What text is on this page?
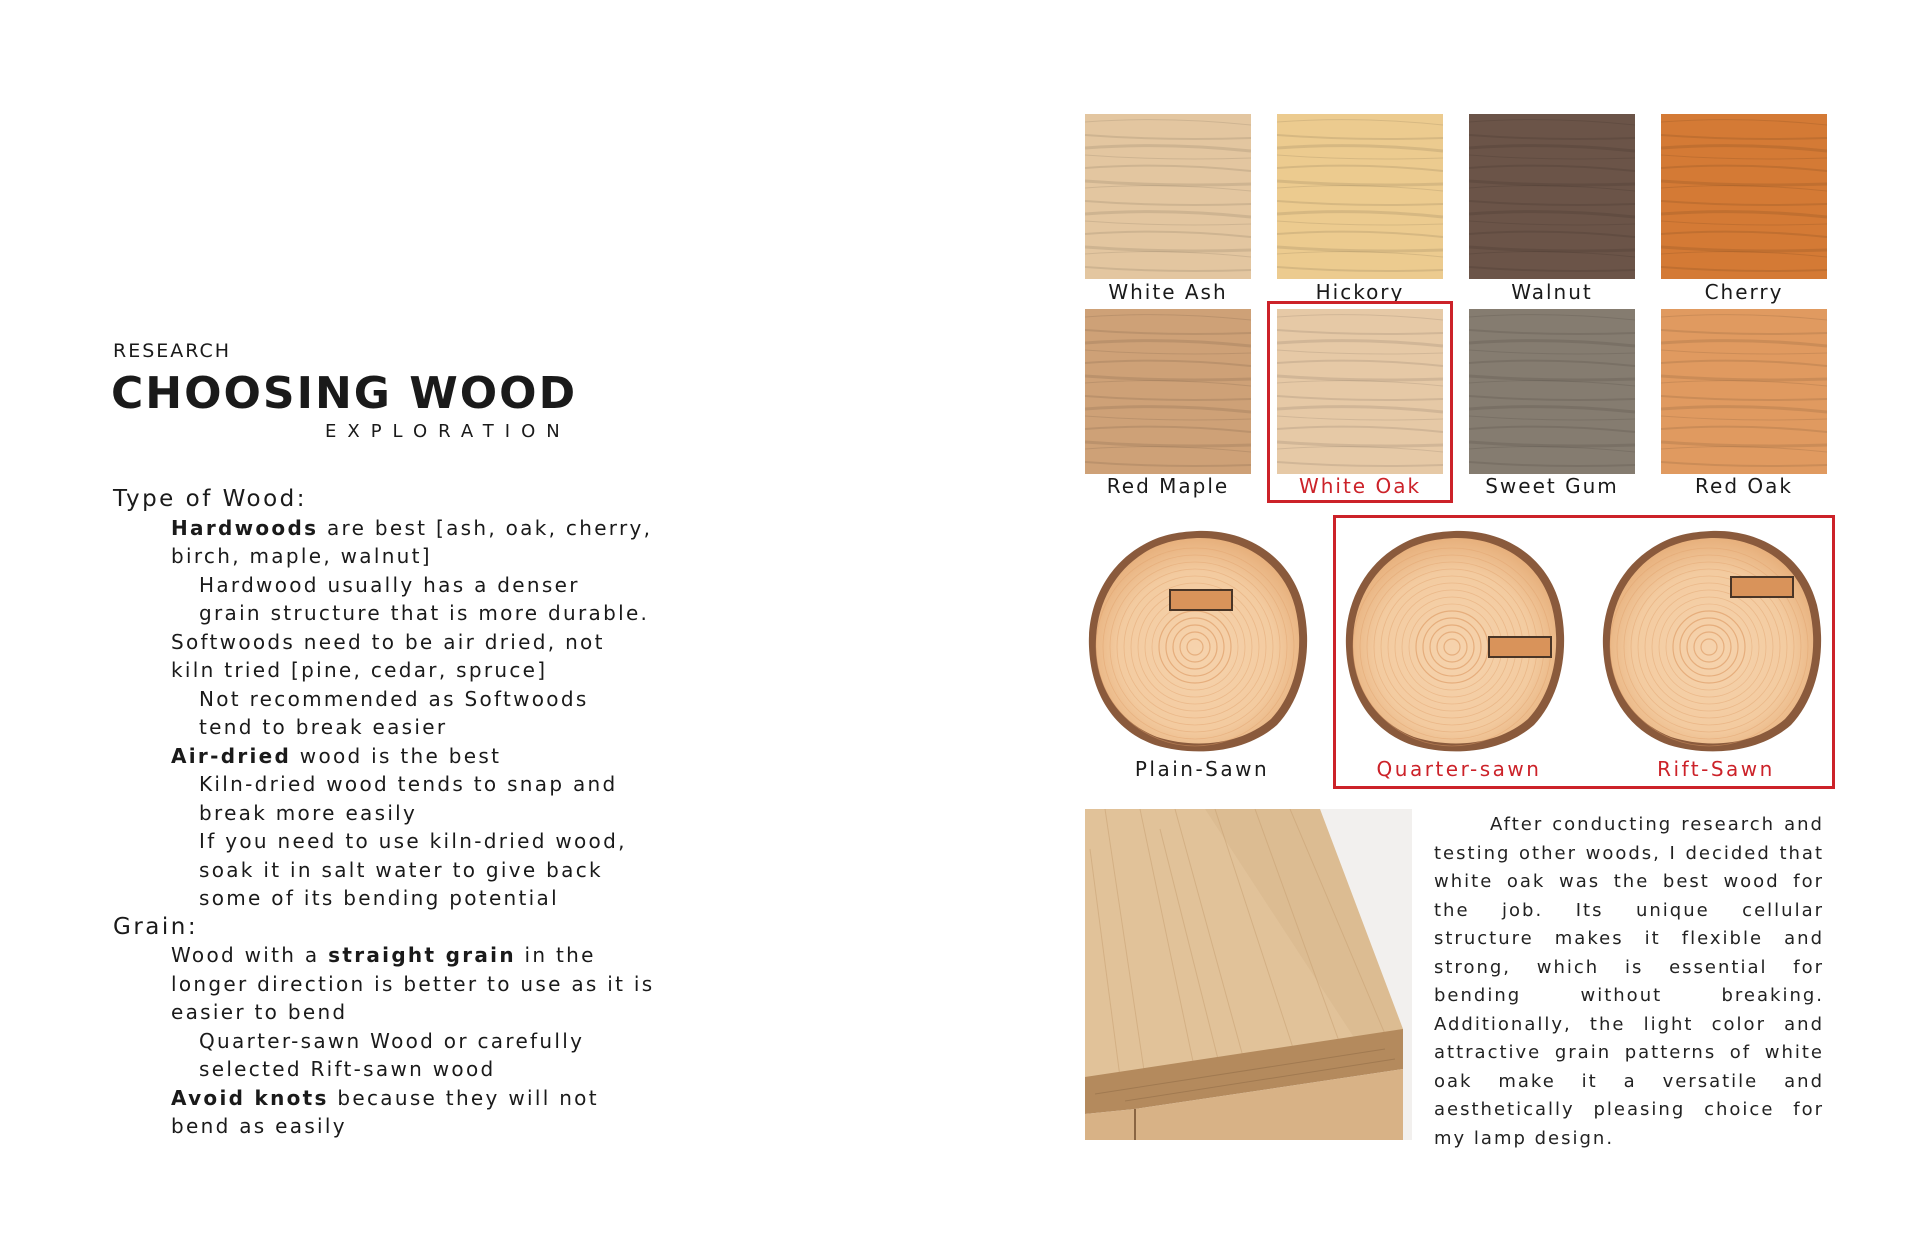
RESEARCH
CHOOSING WOOD
EXPLORATION
Type of Wood:
• Hardwoods are best [ash, oak, cherry,
birch, maple, walnut]
• Hardwood usually has a denser
grain structure that is more durable.
• Softwoods need to be air dried, not
kiln tried [pine, cedar, spruce]
• Not recommended as Softwoods
tend to break easier
• Air-dried wood is the best
• Kiln-dried wood tends to snap and
break more easily
• If you need to use kiln-dried wood,
soak it in salt water to give back
some of its bending potential
Grain:
• Wood with a straight grain in the
longer direction is better to use as it is
easier to bend
• Quarter-sawn Wood or carefully
selected Rift-sawn wood
• Avoid knots because they will not
bend as easily
White Ash	Hickory	Walnut	Cherry
Red Maple	White Oak	Sweet Gum	Red Oak
Plain-Sawn	Quarter-sawn	Rift-Sawn
After conducting research and testing other woods, I decided that white oak was the best wood for the job. Its unique cellular structure makes it flexible and strong, which is essential for bending without breaking. Additionally, the light color and attractive grain patterns of white oak make it a versatile and aesthetically pleasing choice for my lamp design.
